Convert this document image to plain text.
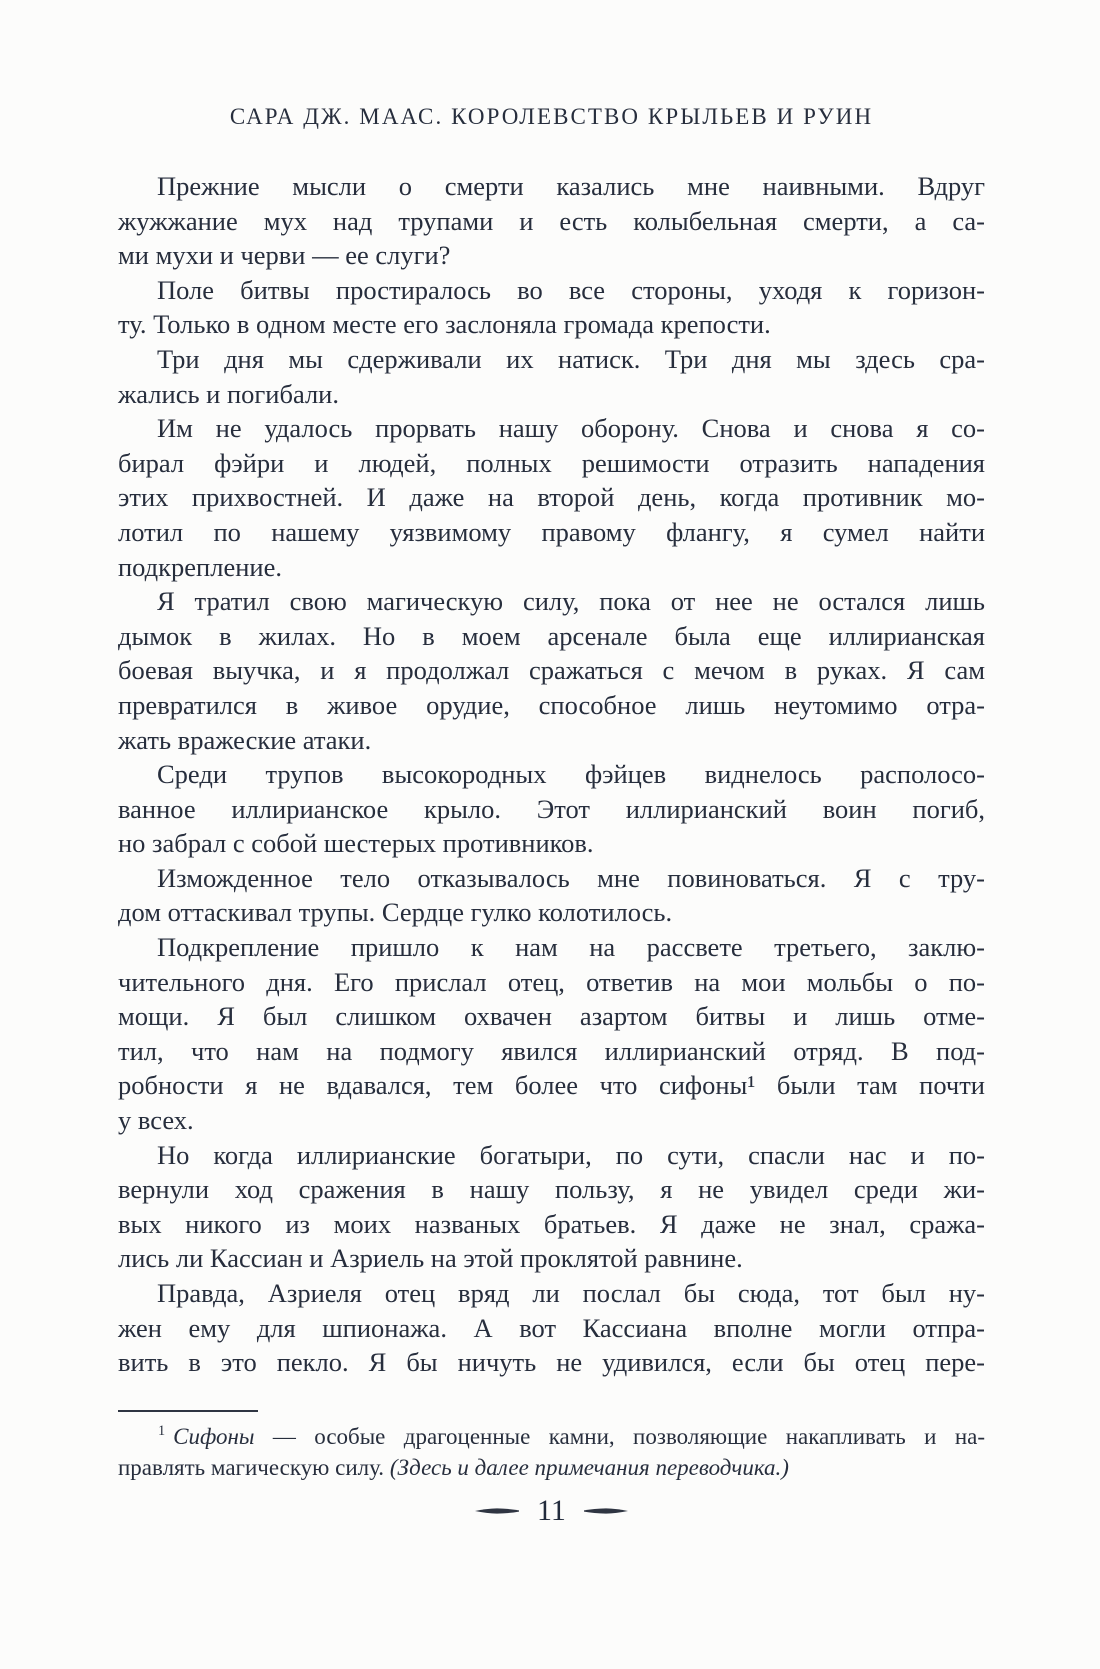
САРА ДЖ. МААС. КОРОЛЕВСТВО КРЫЛЬЕВ И РУИН
Прежние мысли о смерти казались мне наивными. Вдруг
жужжание мух над трупами и есть колыбельная смерти, а са-
ми мухи и черви — ее слуги?
Поле битвы простиралось во все стороны, уходя к горизон-
ту. Только в одном месте его заслоняла громада крепости.
Три дня мы сдерживали их натиск. Три дня мы здесь сра-
жались и погибали.
Им не удалось прорвать нашу оборону. Снова и снова я со-
бирал фэйри и людей, полных решимости отразить нападения
этих прихвостней. И даже на второй день, когда противник мо-
лотил по нашему уязвимому правому флангу, я сумел найти
подкрепление.
Я тратил свою магическую силу, пока от нее не остался лишь
дымок в жилах. Но в моем арсенале была еще иллирианская
боевая выучка, и я продолжал сражаться с мечом в руках. Я сам
превратился в живое орудие, способное лишь неутомимо отра-
жать вражеские атаки.
Среди трупов высокородных фэйцев виднелось располосо-
ванное иллирианское крыло. Этот иллирианский воин погиб,
но забрал с собой шестерых противников.
Изможденное тело отказывалось мне повиноваться. Я с тру-
дом оттаскивал трупы. Сердце гулко колотилось.
Подкрепление пришло к нам на рассвете третьего, заклю-
чительного дня. Его прислал отец, ответив на мои мольбы о по-
мощи. Я был слишком охвачен азартом битвы и лишь отме-
тил, что нам на подмогу явился иллирианский отряд. В под-
робности я не вдавался, тем более что сифоны¹ были там почти
у всех.
Но когда иллирианские богатыри, по сути, спасли нас и по-
вернули ход сражения в нашу пользу, я не увидел среди жи-
вых никого из моих названых братьев. Я даже не знал, сража-
лись ли Кассиан и Азриель на этой проклятой равнине.
Правда, Азриеля отец вряд ли послал бы сюда, тот был ну-
жен ему для шпионажа. А вот Кассиана вполне могли отпра-
вить в это пекло. Я бы ничуть не удивился, если бы отец пере-
$^1$ Сифоны — особые драгоценные камни, позволяющие накапливать и на-
правлять магическую силу. (Здесь и далее примечания переводчика.)
11
